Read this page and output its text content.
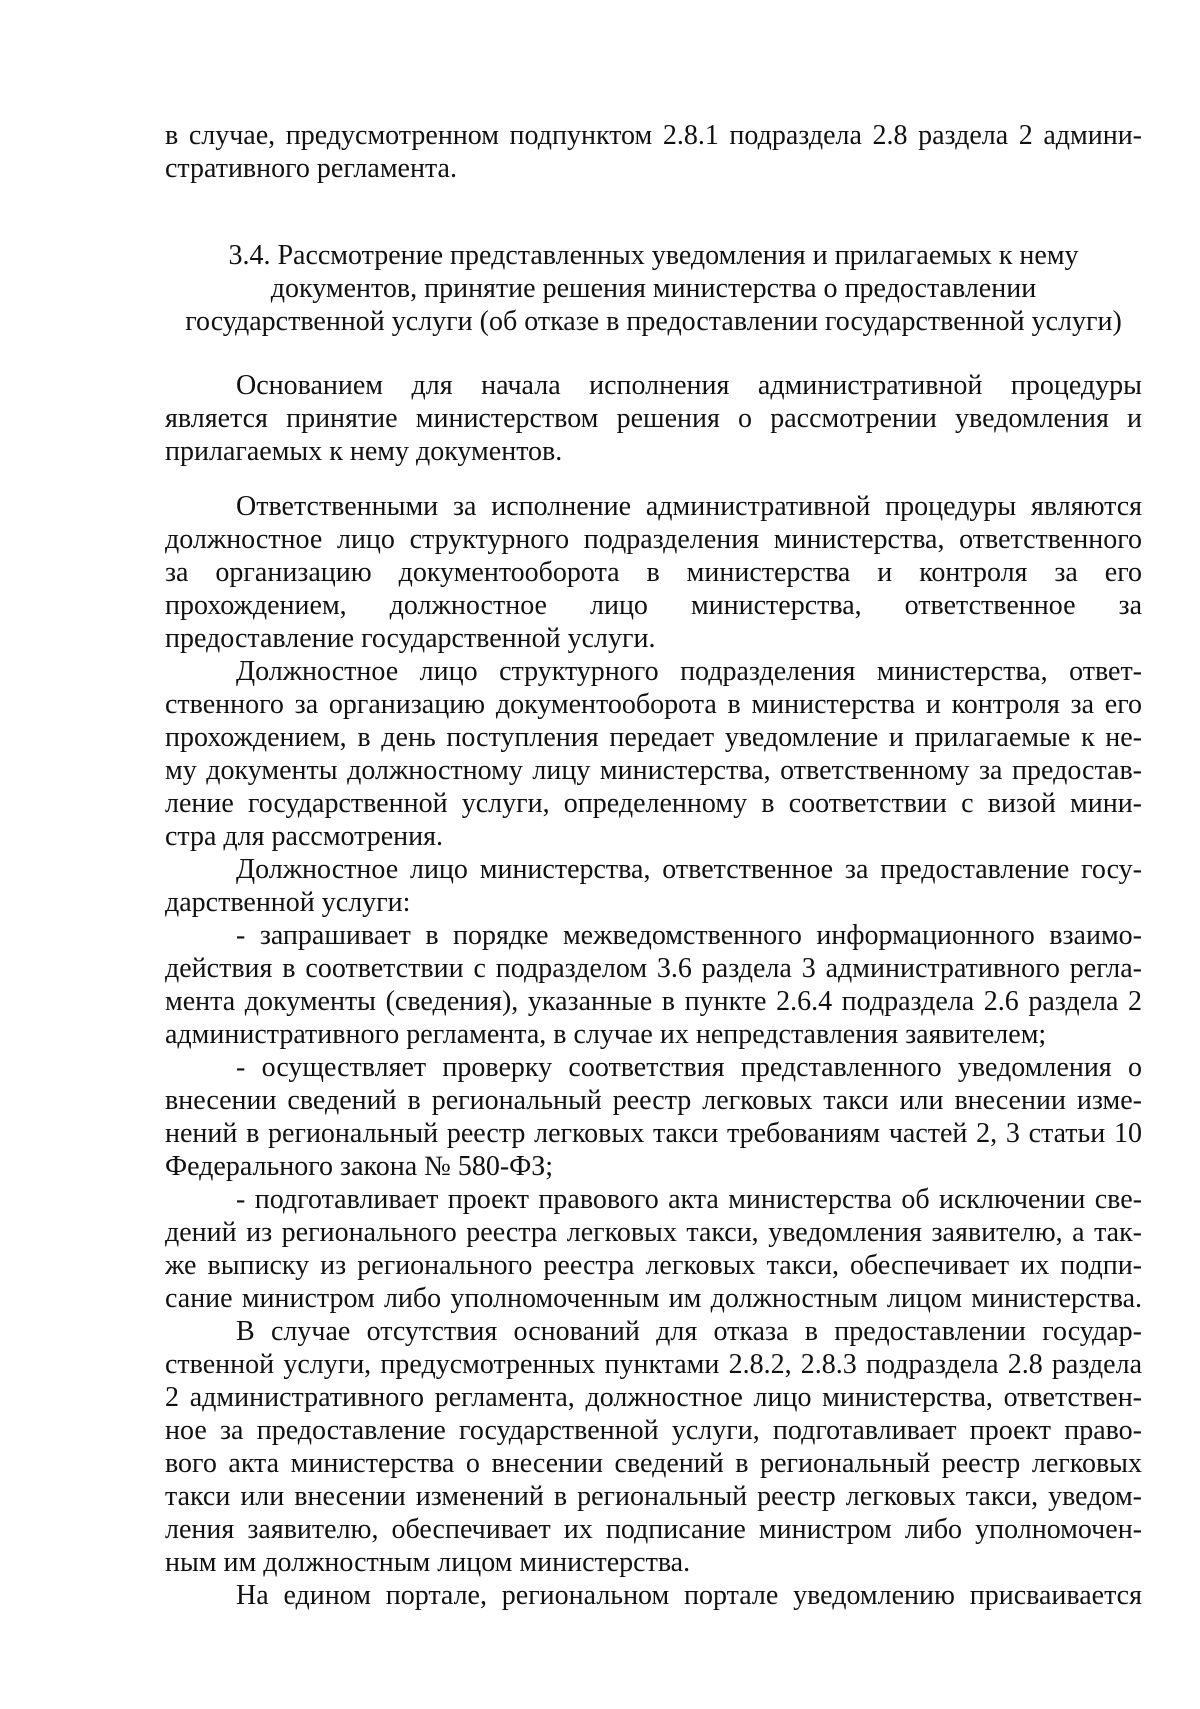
в случае, предусмотренном подпунктом 2.8.1 подраздела 2.8 раздела 2 админи-

стративного регламента.

3.4. Рассмотрение представленных уведомления и прилагаемых к нему

документов, принятие решения министерства о предоставлении

государственной услуги (об отказе в предоставлении государственной услуги)

Основанием для начала исполнения административной процедуры

является принятие министерством решения о рассмотрении уведомления и

прилагаемых к нему документов.

Ответственными за исполнение административной процедуры являются

должностное лицо структурного подразделения министерства, ответственного

за организацию документооборота в министерства и контроля за его

прохождением, должностное лицо министерства, ответственное за

предоставление государственной услуги.

Должностное лицо структурного подразделения министерства, ответ-

ственного за организацию документооборота в министерства и контроля за его

прохождением, в день поступления передает уведомление и прилагаемые к не-

му документы должностному лицу министерства, ответственному за предостав-

ление государственной услуги, определенному в соответствии с визой мини-

стра для рассмотрения.

Должностное лицо министерства, ответственное за предоставление госу-

дарственной услуги:

- запрашивает в порядке межведомственного информационного взаимо-

действия в соответствии с подразделом 3.6 раздела 3 административного регла-

мента документы (сведения), указанные в пункте 2.6.4 подраздела 2.6 раздела 2

административного регламента, в случае их непредставления заявителем;

- осуществляет проверку соответствия представленного уведомления о

внесении сведений в региональный реестр легковых такси или внесении изме-

нений в региональный реестр легковых такси требованиям частей 2, 3 статьи 10

Федерального закона № 580-ФЗ;

- подготавливает проект правового акта министерства об исключении све-

дений из регионального реестра легковых такси, уведомления заявителю, а так-

же выписку из регионального реестра легковых такси, обеспечивает их подпи-

сание министром либо уполномоченным им должностным лицом министерства.

В случае отсутствия оснований для отказа в предоставлении государ-

ственной услуги, предусмотренных пунктами 2.8.2, 2.8.3 подраздела 2.8 раздела

2 административного регламента, должностное лицо министерства, ответствен-

ное за предоставление государственной услуги, подготавливает проект право-

вого акта министерства о внесении сведений в региональный реестр легковых

такси или внесении изменений в региональный реестр легковых такси, уведом-

ления заявителю, обеспечивает их подписание министром либо уполномочен-

ным им должностным лицом министерства.

На едином портале, региональном портале уведомлению присваивается
